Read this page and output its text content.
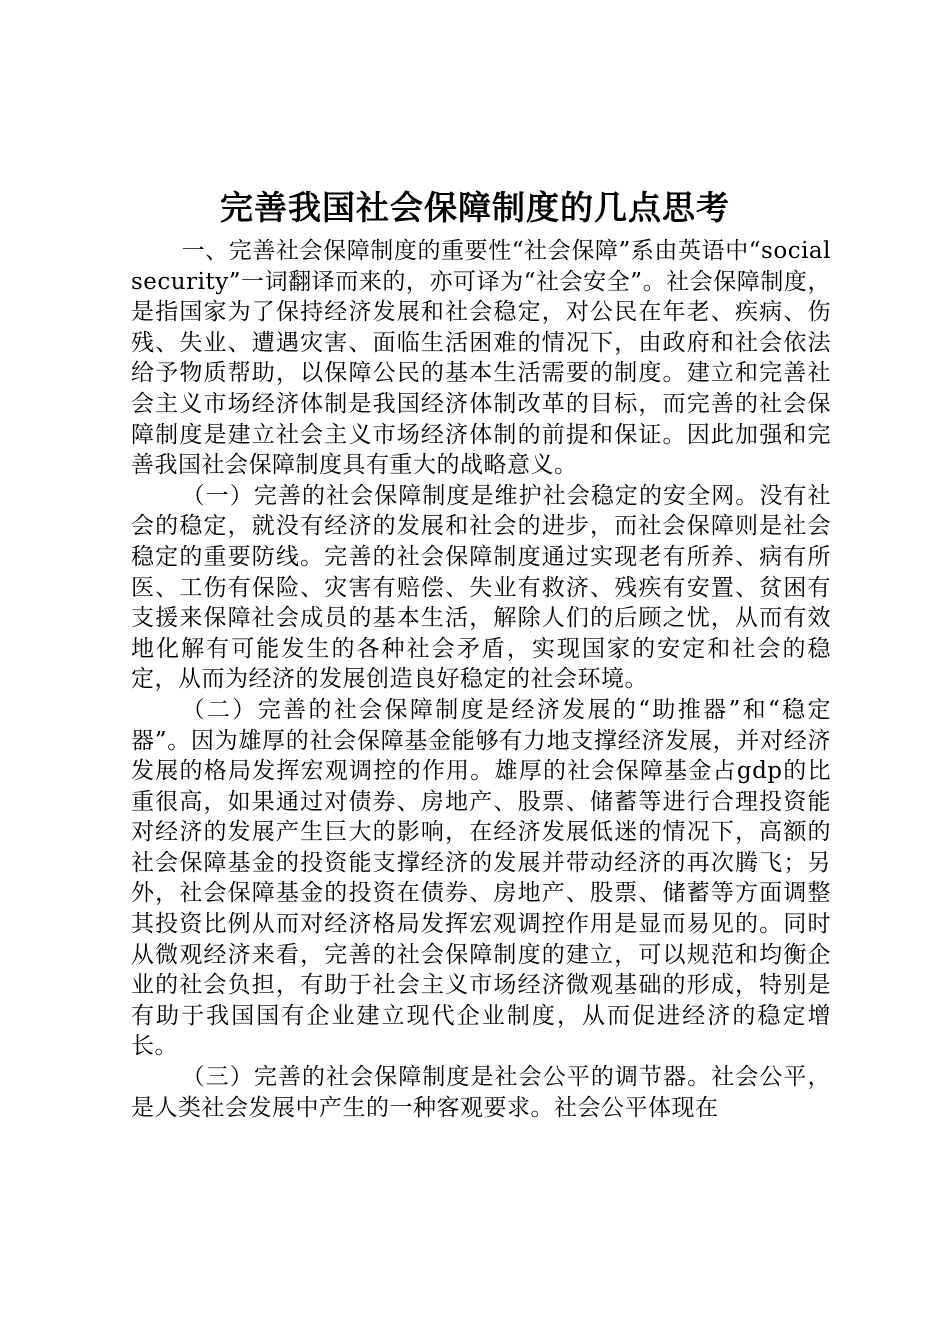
完善我国社会保障制度的几点思考

一、完善社会保障制度的重要性“社会保障”系由英语中“socialsecurity”一词翻译而来的，亦可译为“社会安全”。社会保障制度，是指国家为了保持经济发展和社会稳定，对公民在年老、疾病、伤残、失业、遭遇灾害、面临生活困难的情况下，由政府和社会依法给予物质帮助，以保障公民的基本生活需要的制度。建立和完善社会主义市场经济体制是我国经济体制改革的目标，而完善的社会保障制度是建立社会主义市场经济体制的前提和保证。因此加强和完善我国社会保障制度具有重大的战略意义。

（一）完善的社会保障制度是维护社会稳定的安全网。没有社会的稳定，就没有经济的发展和社会的进步，而社会保障则是社会稳定的重要防线。完善的社会保障制度通过实现老有所养、病有所医、工伤有保险、灾害有赔偿、失业有救济、残疾有安置、贫困有支援来保障社会成员的基本生活，解除人们的后顾之忧，从而有效地化解有可能发生的各种社会矛盾，实现国家的安定和社会的稳定，从而为经济的发展创造良好稳定的社会环境。

（二）完善的社会保障制度是经济发展的“助推器”和“稳定器”。因为雄厚的社会保障基金能够有力地支撑经济发展，并对经济发展的格局发挥宏观调控的作用。雄厚的社会保障基金占gdp的比重很高，如果通过对债券、房地产、股票、储蓄等进行合理投资能对经济的发展产生巨大的影响，在经济发展低迷的情况下，高额的社会保障基金的投资能支撑经济的发展并带动经济的再次腾飞；另外，社会保障基金的投资在债券、房地产、股票、储蓄等方面调整其投资比例从而对经济格局发挥宏观调控作用是显而易见的。同时从微观经济来看，完善的社会保障制度的建立，可以规范和均衡企业的社会负担，有助于社会主义市场经济微观基础的形成，特别是有助于我国国有企业建立现代企业制度，从而促进经济的稳定增长。

（三）完善的社会保障制度是社会公平的调节器。社会公平，是人类社会发展中产生的一种客观要求。社会公平体现在
